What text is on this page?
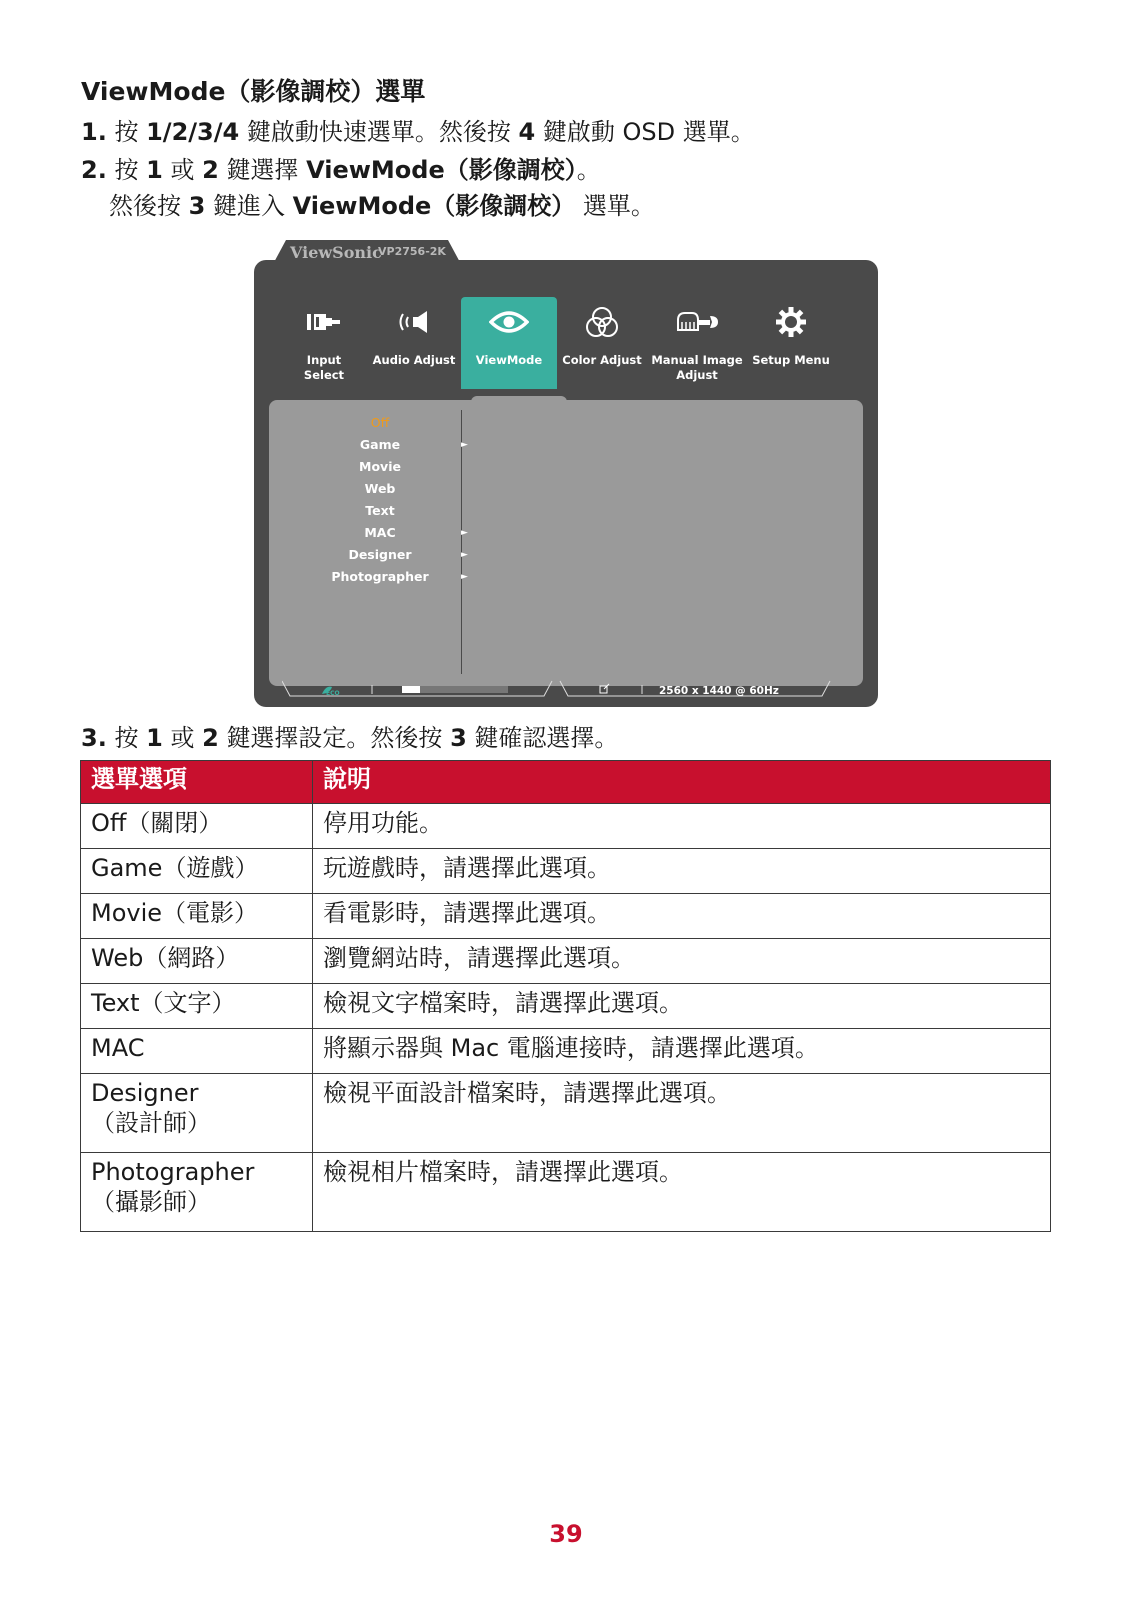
ViewMode（影像調校）選單

1. 按 1/2/3/4 鍵啟動快速選單。然後按 4 鍵啟動 OSD 選單。

2. 按 1 或 2 鍵選擇 ViewMode（影像調校）。

然後按 3 鍵進入 ViewMode（影像調校） 選單。

Input
Select
Audio Adjust	ViewMode	Color Adjust Manual Image
Adjust
Setup Menu

Off
Game	►
Movie
Web
Text
MAC	►
Designer	►
Photographer	►
ECO	2560 x 1440 @ 60Hz
ViewSonic
VP2756-2K

3. 按 1 或 2 鍵選擇設定。然後按 3 鍵確認選擇。

選單選項	說明
Off（關閉）	停用功能。
Game（遊戲）	玩遊戲時，請選擇此選項。
Movie（電影）	看電影時，請選擇此選項。
Web（網路）	瀏覽網站時，請選擇此選項。
Text（文字）	檢視文字檔案時，請選擇此選項。
MAC	將顯示器與 Mac 電腦連接時，請選擇此選項。
Designer
（設計師）	檢視平面設計檔案時，請選擇此選項。
Photographer
（攝影師）	檢視相片檔案時，請選擇此選項。
39
